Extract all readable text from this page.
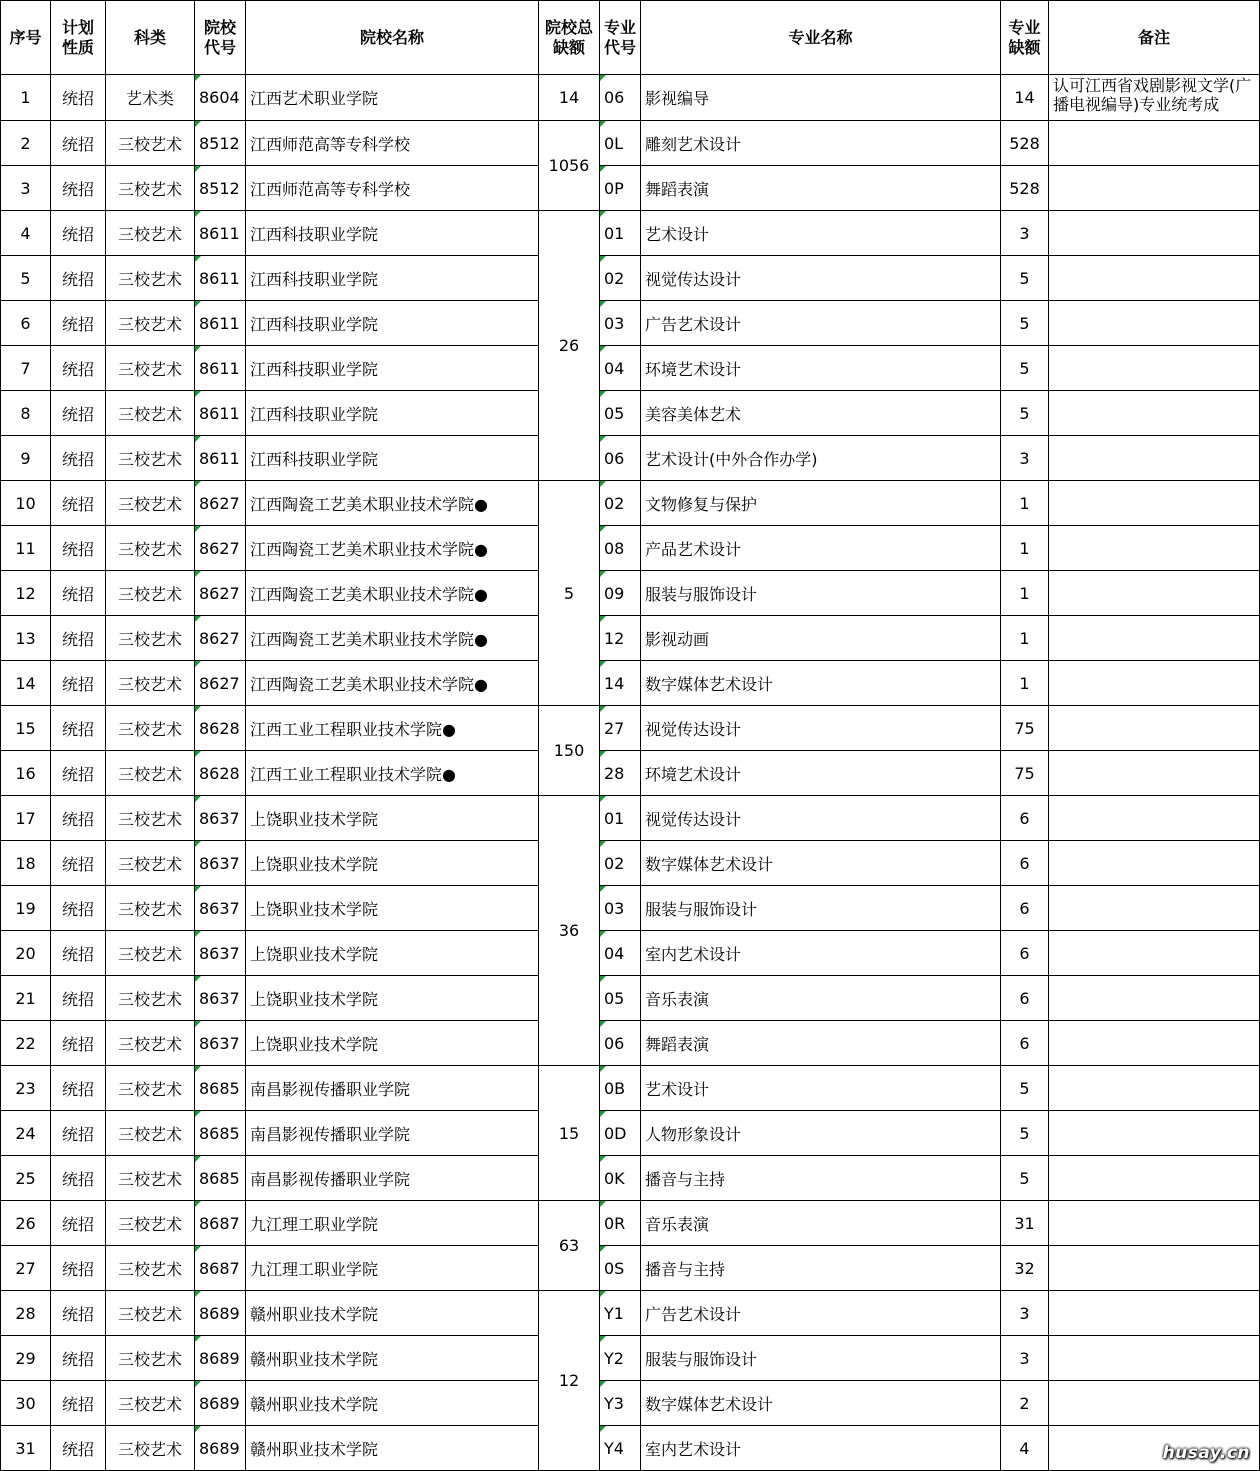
序号	计划性质	科类	院校代号	院校名称	院校总缺额	专业代号	专业名称	专业缺额	备注
1	统招	艺术类	8604	江西艺术职业学院	14	06	影视编导	14	认可江西省戏剧影视文学(广播电视编导)专业统考成
2	统招	三校艺术	8512	江西师范高等专科学校	1056	0L	雕刻艺术设计	528	
3	统招	三校艺术	8512	江西师范高等专科学校		0P	舞蹈表演	528	
4	统招	三校艺术	8611	江西科技职业学院	26	01	艺术设计	3	
5	统招	三校艺术	8611	江西科技职业学院		02	视觉传达设计	5	
6	统招	三校艺术	8611	江西科技职业学院		03	广告艺术设计	5	
7	统招	三校艺术	8611	江西科技职业学院		04	环境艺术设计	5	
8	统招	三校艺术	8611	江西科技职业学院		05	美容美体艺术	5	
9	统招	三校艺术	8611	江西科技职业学院		06	艺术设计(中外合作办学)	3	
10	统招	三校艺术	8627	江西陶瓷工艺美术职业技术学院●	5	02	文物修复与保护	1	
11	统招	三校艺术	8627	江西陶瓷工艺美术职业技术学院●		08	产品艺术设计	1	
12	统招	三校艺术	8627	江西陶瓷工艺美术职业技术学院●		09	服装与服饰设计	1	
13	统招	三校艺术	8627	江西陶瓷工艺美术职业技术学院●		12	影视动画	1	
14	统招	三校艺术	8627	江西陶瓷工艺美术职业技术学院●		14	数字媒体艺术设计	1	
15	统招	三校艺术	8628	江西工业工程职业技术学院●	150	27	视觉传达设计	75	
16	统招	三校艺术	8628	江西工业工程职业技术学院●		28	环境艺术设计	75	
17	统招	三校艺术	8637	上饶职业技术学院	36	01	视觉传达设计	6	
18	统招	三校艺术	8637	上饶职业技术学院		02	数字媒体艺术设计	6	
19	统招	三校艺术	8637	上饶职业技术学院		03	服装与服饰设计	6	
20	统招	三校艺术	8637	上饶职业技术学院		04	室内艺术设计	6	
21	统招	三校艺术	8637	上饶职业技术学院		05	音乐表演	6	
22	统招	三校艺术	8637	上饶职业技术学院		06	舞蹈表演	6	
23	统招	三校艺术	8685	南昌影视传播职业学院	15	0B	艺术设计	5	
24	统招	三校艺术	8685	南昌影视传播职业学院		0D	人物形象设计	5	
25	统招	三校艺术	8685	南昌影视传播职业学院		0K	播音与主持	5	
26	统招	三校艺术	8687	九江理工职业学院	63	0R	音乐表演	31	
27	统招	三校艺术	8687	九江理工职业学院		0S	播音与主持	32	
28	统招	三校艺术	8689	赣州职业技术学院	12	Y1	广告艺术设计	3	
29	统招	三校艺术	8689	赣州职业技术学院		Y2	服装与服饰设计	3	
30	统招	三校艺术	8689	赣州职业技术学院		Y3	数字媒体艺术设计	2	
31	统招	三校艺术	8689	赣州职业技术学院		Y4	室内艺术设计	4		husay.cn
